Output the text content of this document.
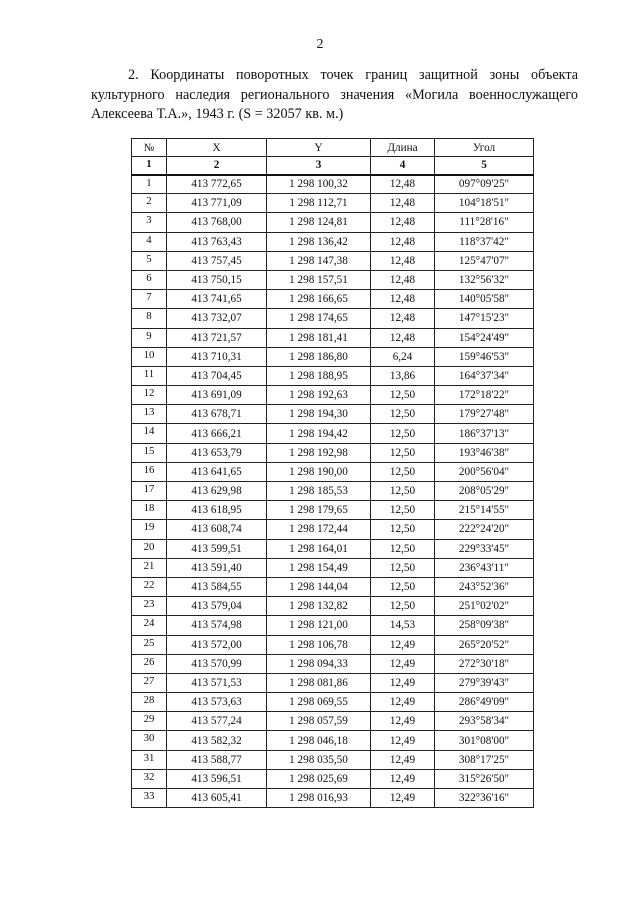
2
2. Координаты поворотных точек границ защитной зоны объекта
культурного наследия регионального значения «Могила военнослужащего
Алексеева Т.А.», 1943 г. (S = 32057 кв. м.)
№	X	Y	Длина	Угол
1	2	3	4	5
1	413 772,65	1 298 100,32	12,48	097°09'25"
2	413 771,09	1 298 112,71	12,48	104°18'51"
3	413 768,00	1 298 124,81	12,48	111°28'16"
4	413 763,43	1 298 136,42	12,48	118°37'42"
5	413 757,45	1 298 147,38	12,48	125°47'07"
6	413 750,15	1 298 157,51	12,48	132°56'32"
7	413 741,65	1 298 166,65	12,48	140°05'58"
8	413 732,07	1 298 174,65	12,48	147°15'23"
9	413 721,57	1 298 181,41	12,48	154°24'49"
10	413 710,31	1 298 186,80	6,24	159°46'53"
11	413 704,45	1 298 188,95	13,86	164°37'34"
12	413 691,09	1 298 192,63	12,50	172°18'22"
13	413 678,71	1 298 194,30	12,50	179°27'48"
14	413 666,21	1 298 194,42	12,50	186°37'13"
15	413 653,79	1 298 192,98	12,50	193°46'38"
16	413 641,65	1 298 190,00	12,50	200°56'04"
17	413 629,98	1 298 185,53	12,50	208°05'29"
18	413 618,95	1 298 179,65	12,50	215°14'55"
19	413 608,74	1 298 172,44	12,50	222°24'20"
20	413 599,51	1 298 164,01	12,50	229°33'45"
21	413 591,40	1 298 154,49	12,50	236°43'11"
22	413 584,55	1 298 144,04	12,50	243°52'36"
23	413 579,04	1 298 132,82	12,50	251°02'02"
24	413 574,98	1 298 121,00	14,53	258°09'38"
25	413 572,00	1 298 106,78	12,49	265°20'52"
26	413 570,99	1 298 094,33	12,49	272°30'18"
27	413 571,53	1 298 081,86	12,49	279°39'43"
28	413 573,63	1 298 069,55	12,49	286°49'09"
29	413 577,24	1 298 057,59	12,49	293°58'34"
30	413 582,32	1 298 046,18	12,49	301°08'00"
31	413 588,77	1 298 035,50	12,49	308°17'25"
32	413 596,51	1 298 025,69	12,49	315°26'50"
33	413 605,41	1 298 016,93	12,49	322°36'16"
